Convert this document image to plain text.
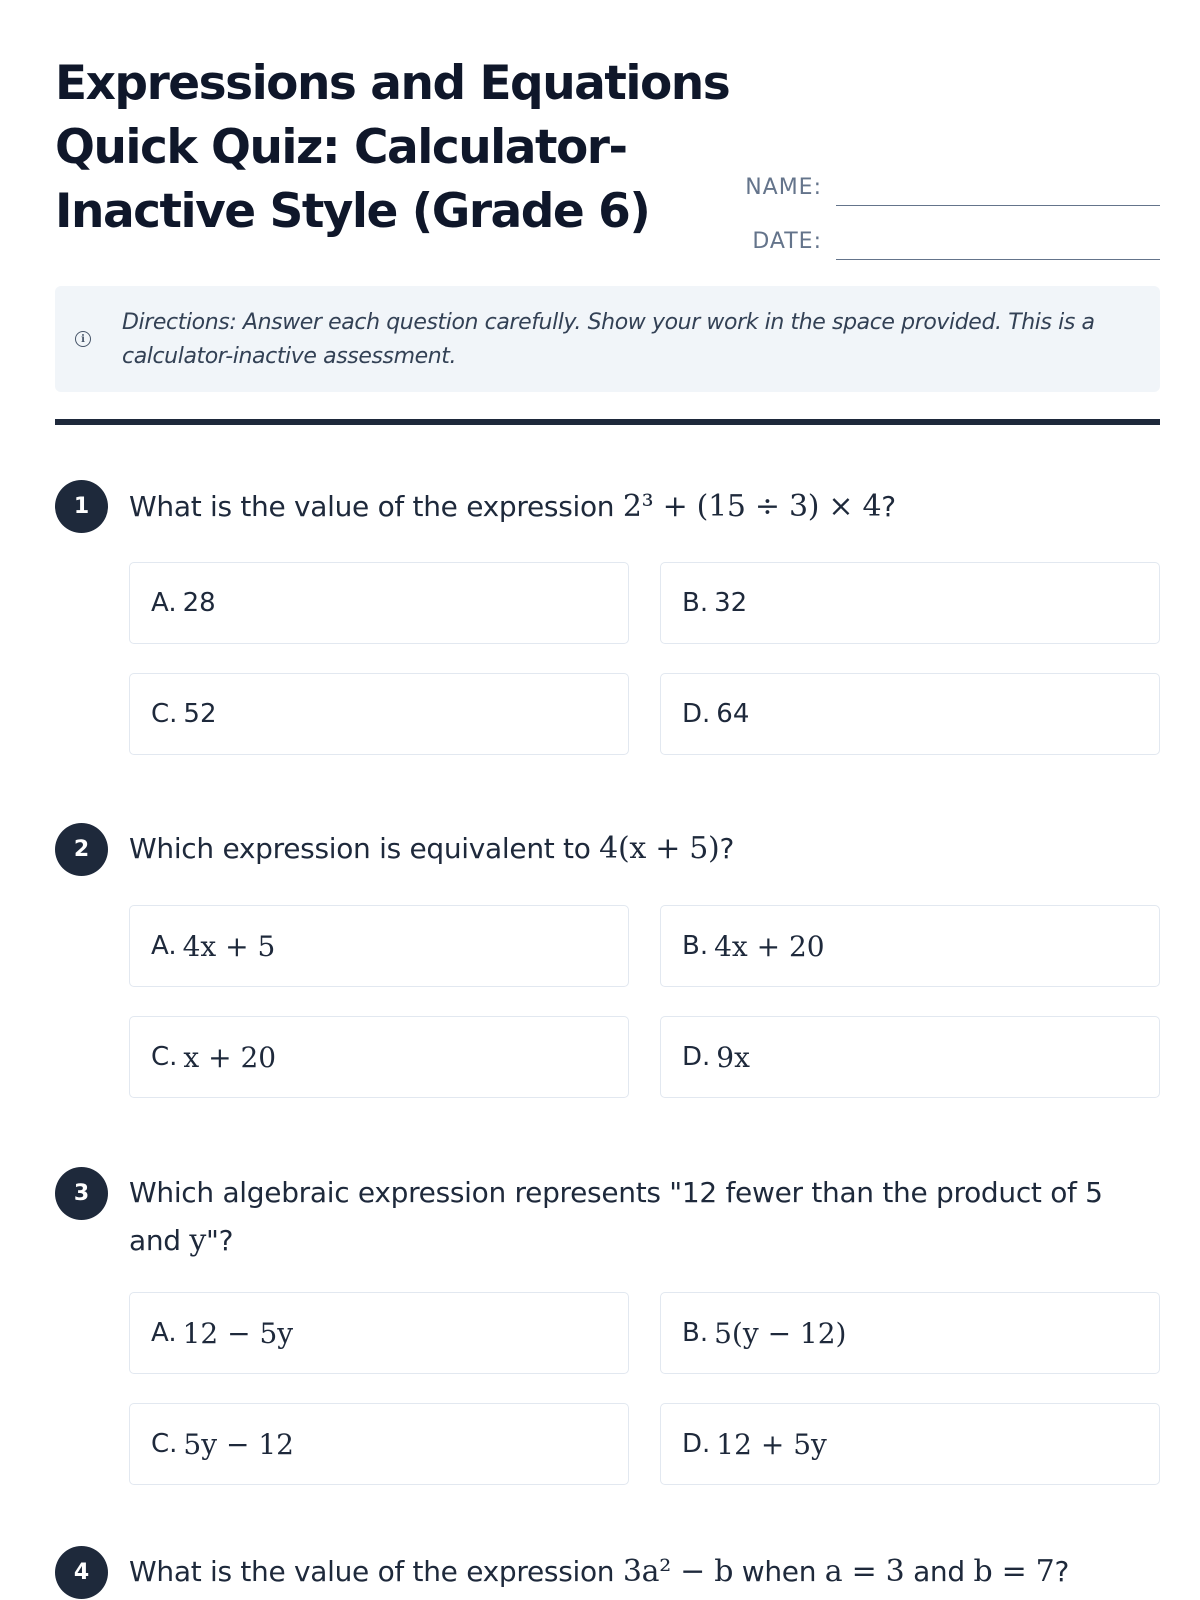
Expressions and Equations Quick Quiz: Calculator-Inactive Style (Grade 6)	NAME:
DATE:
i
Directions: Answer each question carefully. Show your work in the space provided. This is a calculator-inactive assessment.
1	What is the value of the expression 2³ + (15 ÷ 3) × 4?
A. 28	B. 32
C. 52	D. 64
2	Which expression is equivalent to 4(x + 5)?
A. 4x + 5	B. 4x + 20
C. x + 20	D. 9x
3	Which algebraic expression represents "12 fewer than the product of 5 and y"?
A. 12 − 5y	B. 5(y − 12)
C. 5y − 12	D. 12 + 5y
4	What is the value of the expression 3a² − b when a = 3 and b = 7?
